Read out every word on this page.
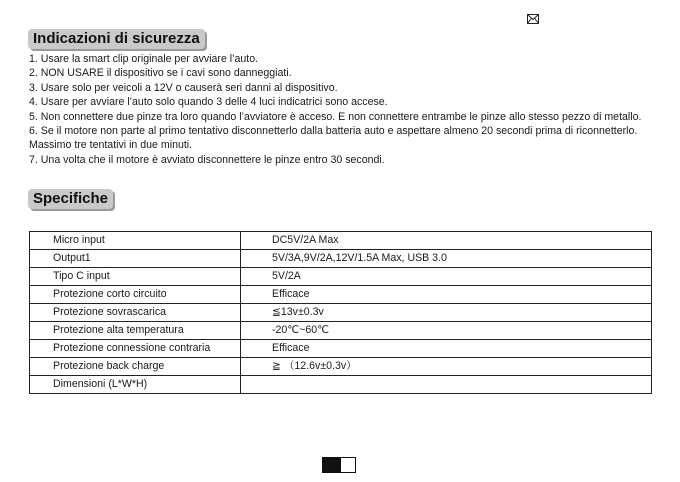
Indicazioni di sicurezza
1. Usare la smart clip originale per avviare l’auto.
2. NON USARE il dispositivo se i cavi sono danneggiati.
3. Usare solo per veicoli a 12V o causerà seri danni al dispositivo.
4. Usare per avviare l’auto solo quando 3 delle 4 luci indicatrici sono accese.
5. Non connettere due pinze tra loro quando l’avviatore è acceso. E non connettere entrambe le pinze allo stesso pezzo di metallo.
6. Se il motore non parte al primo tentativo disconnetterlo dalla batteria auto e aspettare almeno 20 secondi prima di riconnetterlo. Massimo tre tentativi in due minuti.
7. Una volta che il motore è avviato disconnettere le pinze entro 30 secondi.
Specifiche
Micro input	DC5V/2A Max
Output1	5V/3A,9V/2A,12V/1.5A Max, USB 3.0
Tipo C input	5V/2A
Protezione corto circuito	Efficace
Protezione sovrascarica	≦13v±0.3v
Protezione alta temperatura	-20℃~60℃
Protezione connessione contraria	Efficace
Protezione back charge	≧ （12.6v±0.3v）
Dimensioni (L*W*H)	
